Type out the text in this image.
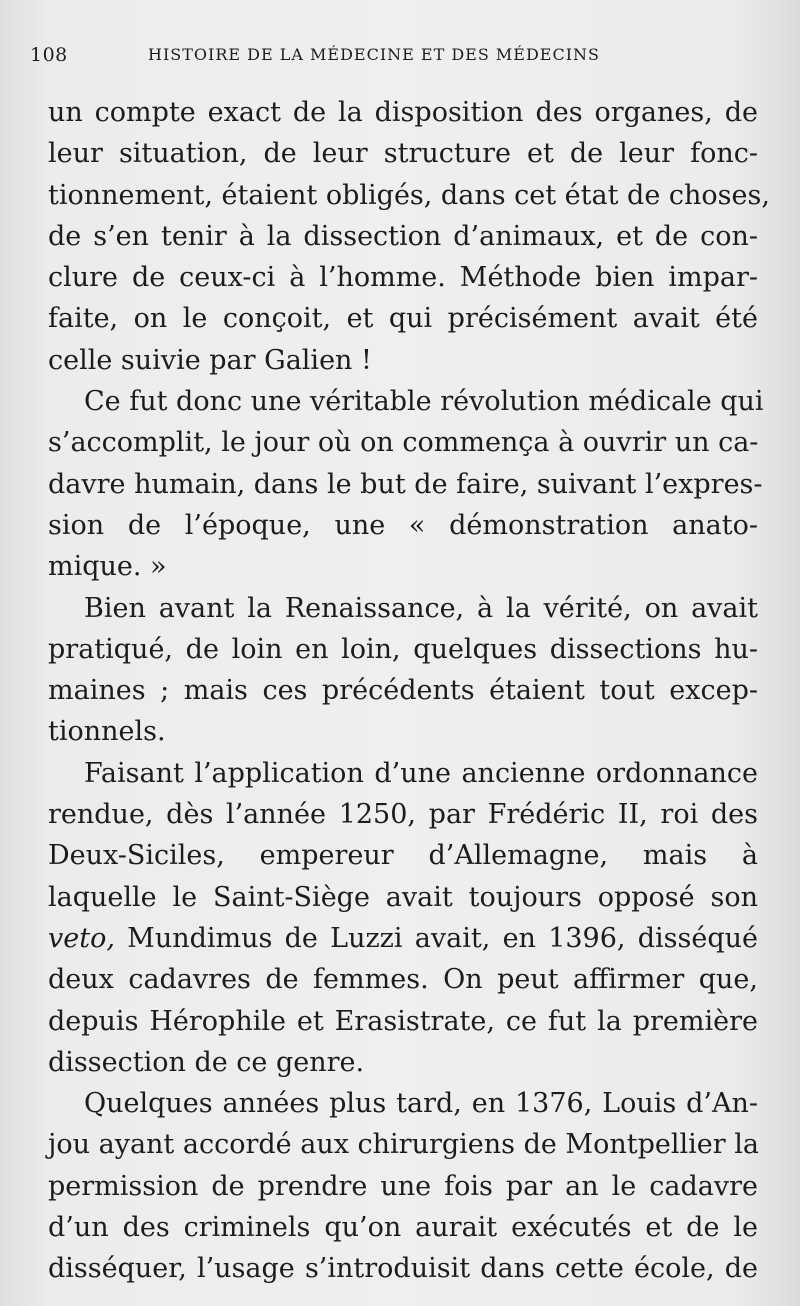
108	HISTOIRE DE LA MÉDECINE ET DES MÉDECINS
un compte exact de la disposition des organes, de
leur situation, de leur structure et de leur fonc-
tionnement, étaient obligés, dans cet état de choses,
de s’en tenir à la dissection d’animaux, et de con-
clure de ceux-ci à l’homme. Méthode bien impar-
faite, on le conçoit, et qui précisément avait été
celle suivie par Galien !
Ce fut donc une véritable révolution médicale qui
s’accomplit, le jour où on commença à ouvrir un ca-
davre humain, dans le but de faire, suivant l’expres-
sion de l’époque, une « démonstration anato-
mique. »
Bien avant la Renaissance, à la vérité, on avait
pratiqué, de loin en loin, quelques dissections hu-
maines ; mais ces précédents étaient tout excep-
tionnels.
Faisant l’application d’une ancienne ordonnance
rendue, dès l’année 1250, par Frédéric II, roi des
Deux-Siciles, empereur d’Allemagne, mais à
laquelle le Saint-Siège avait toujours opposé son
veto, Mundimus de Luzzi avait, en 1396, disséqué
deux cadavres de femmes. On peut affirmer que,
depuis Hérophile et Erasistrate, ce fut la première
dissection de ce genre.
Quelques années plus tard, en 1376, Louis d’An-
jou ayant accordé aux chirurgiens de Montpellier la
permission de prendre une fois par an le cadavre
d’un des criminels qu’on aurait exécutés et de le
disséquer, l’usage s’introduisit dans cette école, de
